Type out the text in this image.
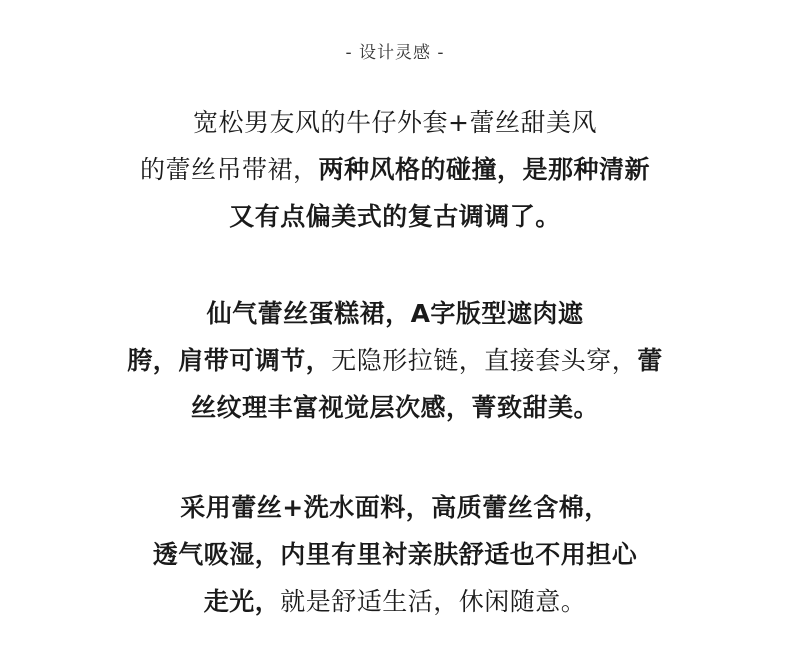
- 设计灵感 -
宽松男友风的牛仔外套+蕾丝甜美风
的蕾丝吊带裙，两种风格的碰撞，是那种清新
又有点偏美式的复古调调了。
仙气蕾丝蛋糕裙，A字版型遮肉遮
胯，肩带可调节，无隐形拉链，直接套头穿，蕾
丝纹理丰富视觉层次感，菁致甜美。
采用蕾丝+洗水面料，高质蕾丝含棉，
透气吸湿，内里有里衬亲肤舒适也不用担心
走光，就是舒适生活，休闲随意。
